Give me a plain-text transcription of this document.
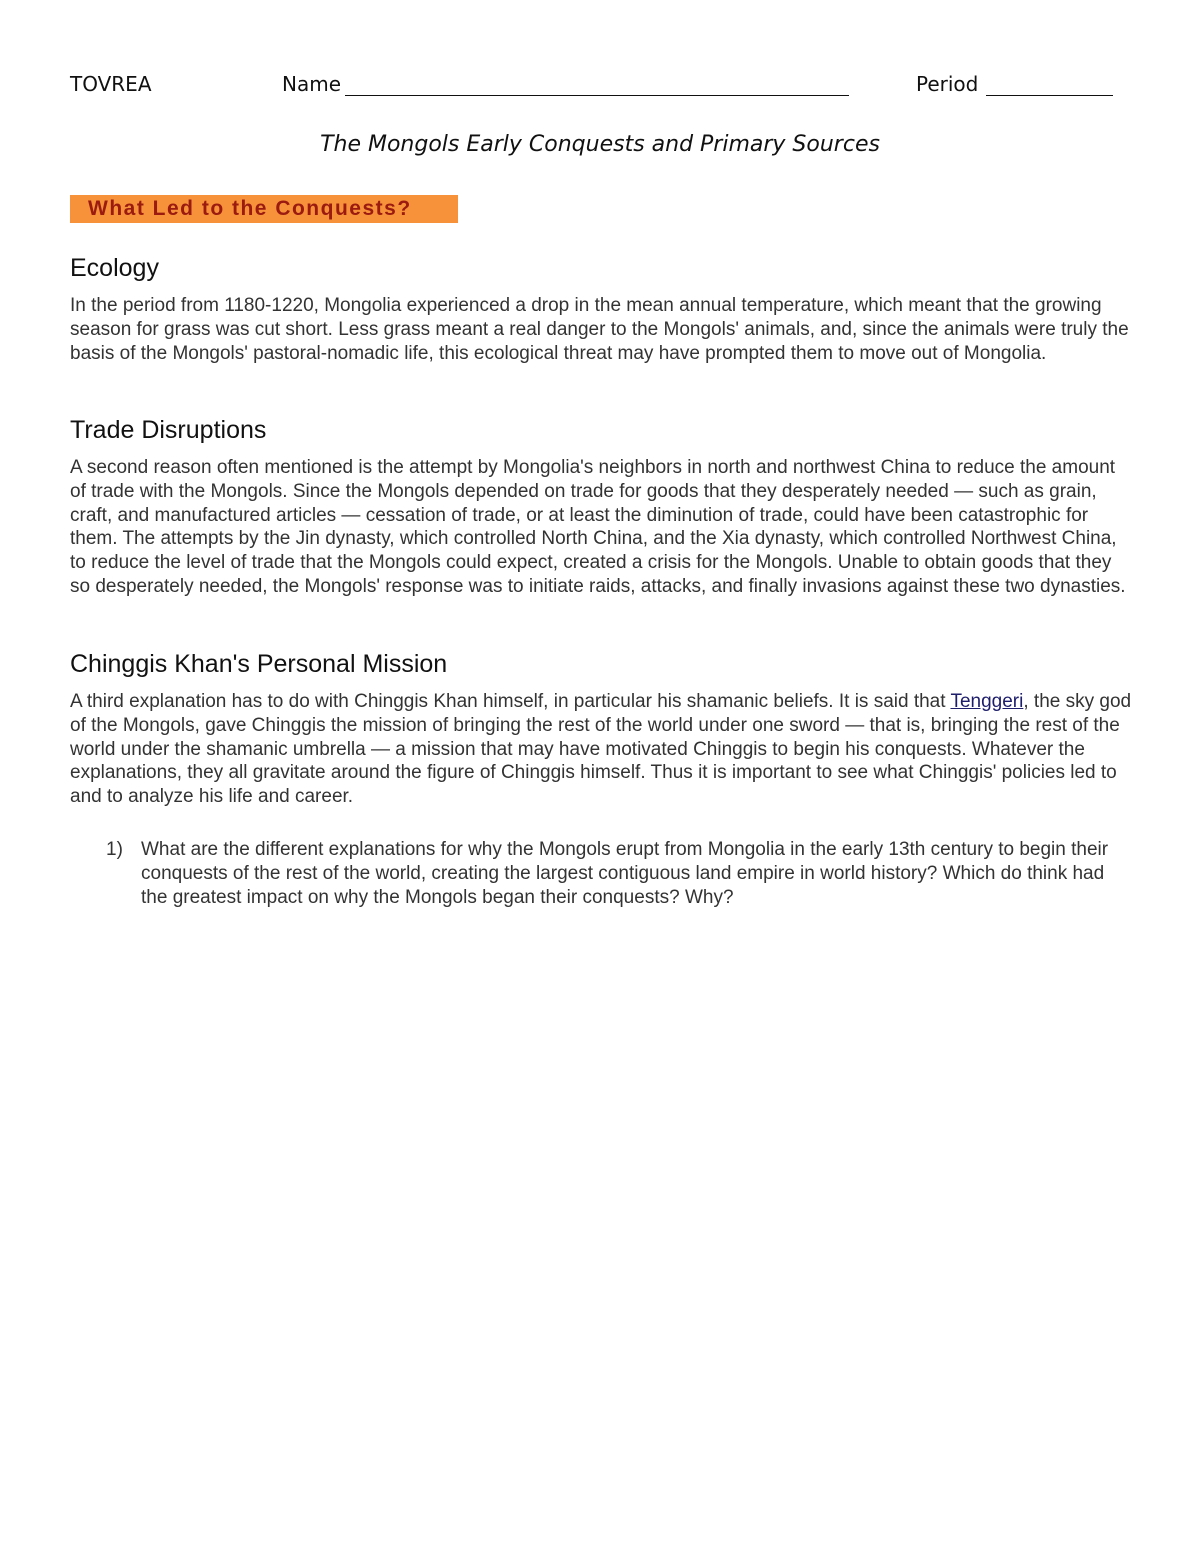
TOVREA	Name	Period
The Mongols Early Conquests and Primary Sources
What Led to the Conquests?
Ecology
In the period from 1180-1220, Mongolia experienced a drop in the mean annual temperature, which meant that the growing season for grass was cut short. Less grass meant a real danger to the Mongols' animals, and, since the animals were truly the basis of the Mongols' pastoral-nomadic life, this ecological threat may have prompted them to move out of Mongolia.
Trade Disruptions
A second reason often mentioned is the attempt by Mongolia's neighbors in north and northwest China to reduce the amount of trade with the Mongols. Since the Mongols depended on trade for goods that they desperately needed — such as grain, craft, and manufactured articles — cessation of trade, or at least the diminution of trade, could have been catastrophic for them. The attempts by the Jin dynasty, which controlled North China, and the Xia dynasty, which controlled Northwest China, to reduce the level of trade that the Mongols could expect, created a crisis for the Mongols. Unable to obtain goods that they so desperately needed, the Mongols' response was to initiate raids, attacks, and finally invasions against these two dynasties.
Chinggis Khan's Personal Mission
A third explanation has to do with Chinggis Khan himself, in particular his shamanic beliefs. It is said that Tenggeri, the sky god of the Mongols, gave Chinggis the mission of bringing the rest of the world under one sword — that is, bringing the rest of the world under the shamanic umbrella — a mission that may have motivated Chinggis to begin his conquests. Whatever the explanations, they all gravitate around the figure of Chinggis himself. Thus it is important to see what Chinggis' policies led to and to analyze his life and career.
1) What are the different explanations for why the Mongols erupt from Mongolia in the early 13th century to begin their conquests of the rest of the world, creating the largest contiguous land empire in world history? Which do think had the greatest impact on why the Mongols began their conquests? Why?
